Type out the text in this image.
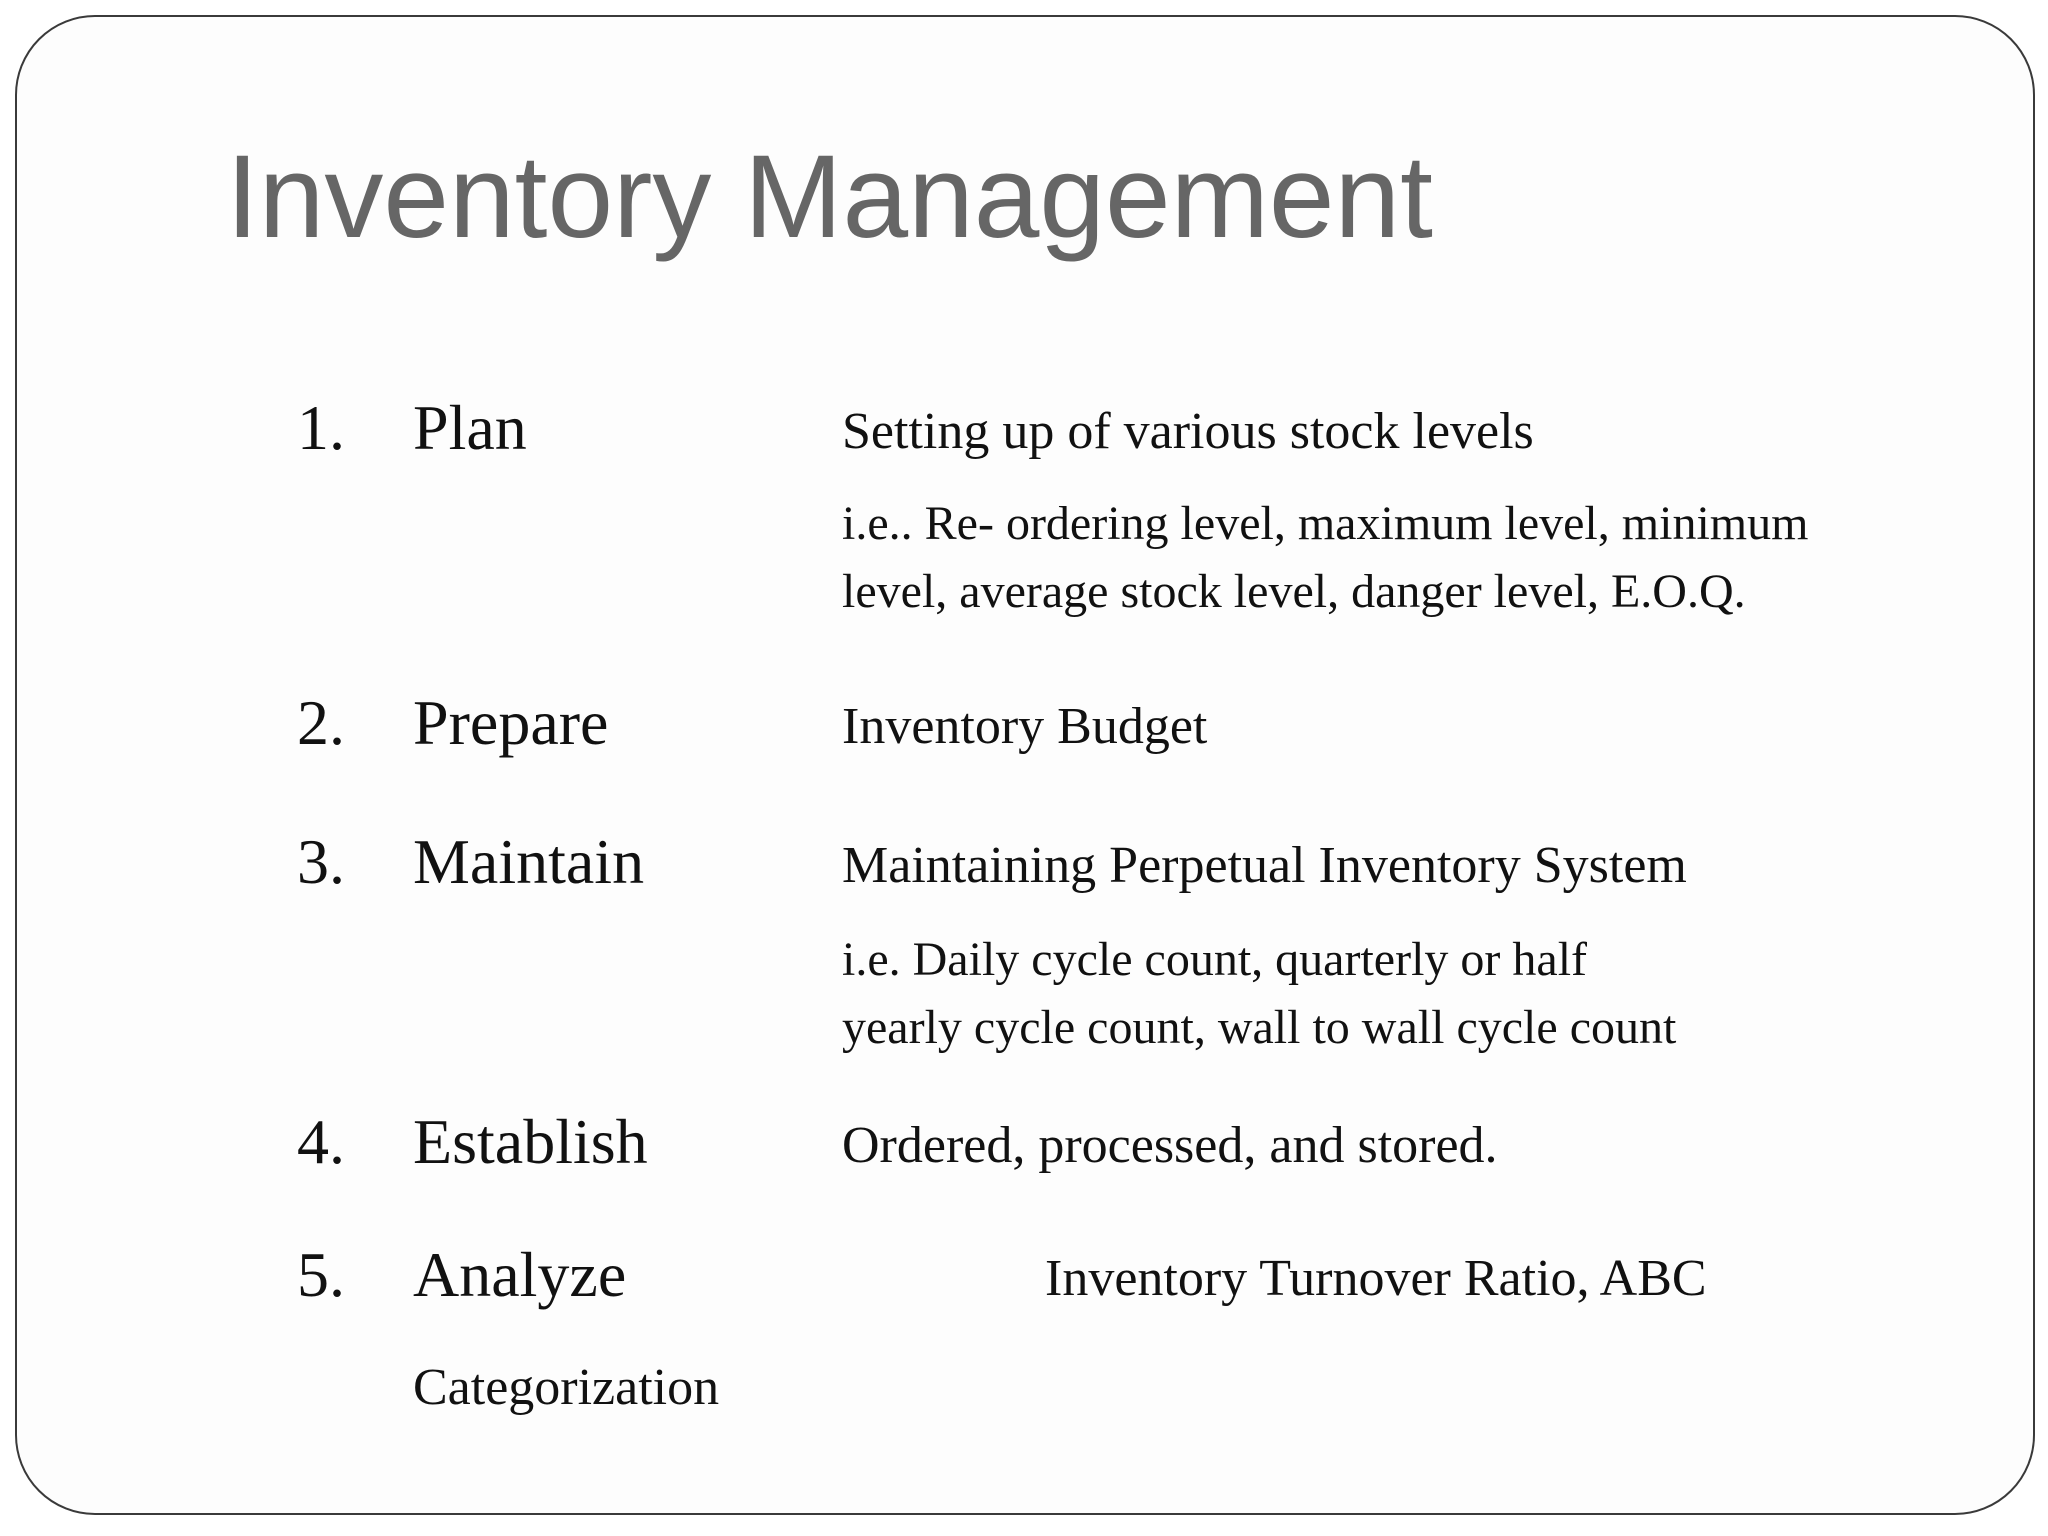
Inventory Management
1. Plan	Setting up of various stock levels
i.e.. Re- ordering level, maximum level, minimum
level, average stock level, danger level, E.O.Q.
2. Prepare	Inventory Budget
3. Maintain	Maintaining Perpetual Inventory System
i.e. Daily cycle count, quarterly or half
yearly cycle count, wall to wall cycle count
4. Establish	Ordered, processed, and stored.
5. Analyze	Inventory Turnover Ratio, ABC
Categorization
